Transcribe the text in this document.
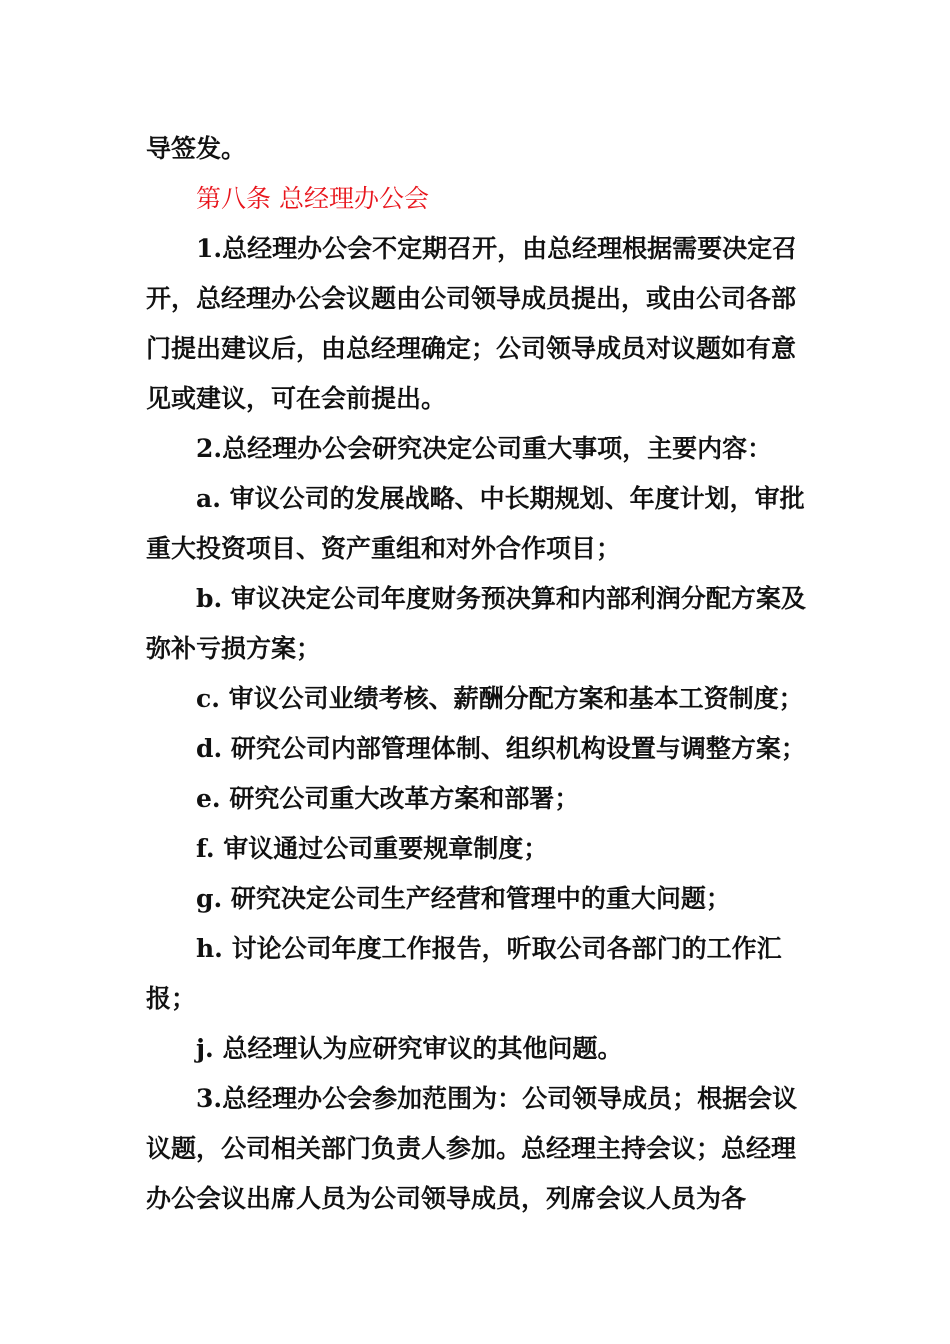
导签发。

第八条 总经理办公会

1.总经理办公会不定期召开，由总经理根据需要决定召开，总经理办公会议题由公司领导成员提出，或由公司各部门提出建议后，由总经理确定；公司领导成员对议题如有意见或建议，可在会前提出。

2.总经理办公会研究决定公司重大事项，主要内容：

a. 审议公司的发展战略、中长期规划、年度计划，审批重大投资项目、资产重组和对外合作项目；

b. 审议决定公司年度财务预决算和内部利润分配方案及弥补亏损方案；

c. 审议公司业绩考核、薪酬分配方案和基本工资制度；

d. 研究公司内部管理体制、组织机构设置与调整方案；

e. 研究公司重大改革方案和部署；

f. 审议通过公司重要规章制度；

g. 研究决定公司生产经营和管理中的重大问题；

h. 讨论公司年度工作报告，听取公司各部门的工作汇报；

j. 总经理认为应研究审议的其他问题。

3.总经理办公会参加范围为：公司领导成员；根据会议议题，公司相关部门负责人参加。总经理主持会议；总经理办公会议出席人员为公司领导成员，列席会议人员为各
